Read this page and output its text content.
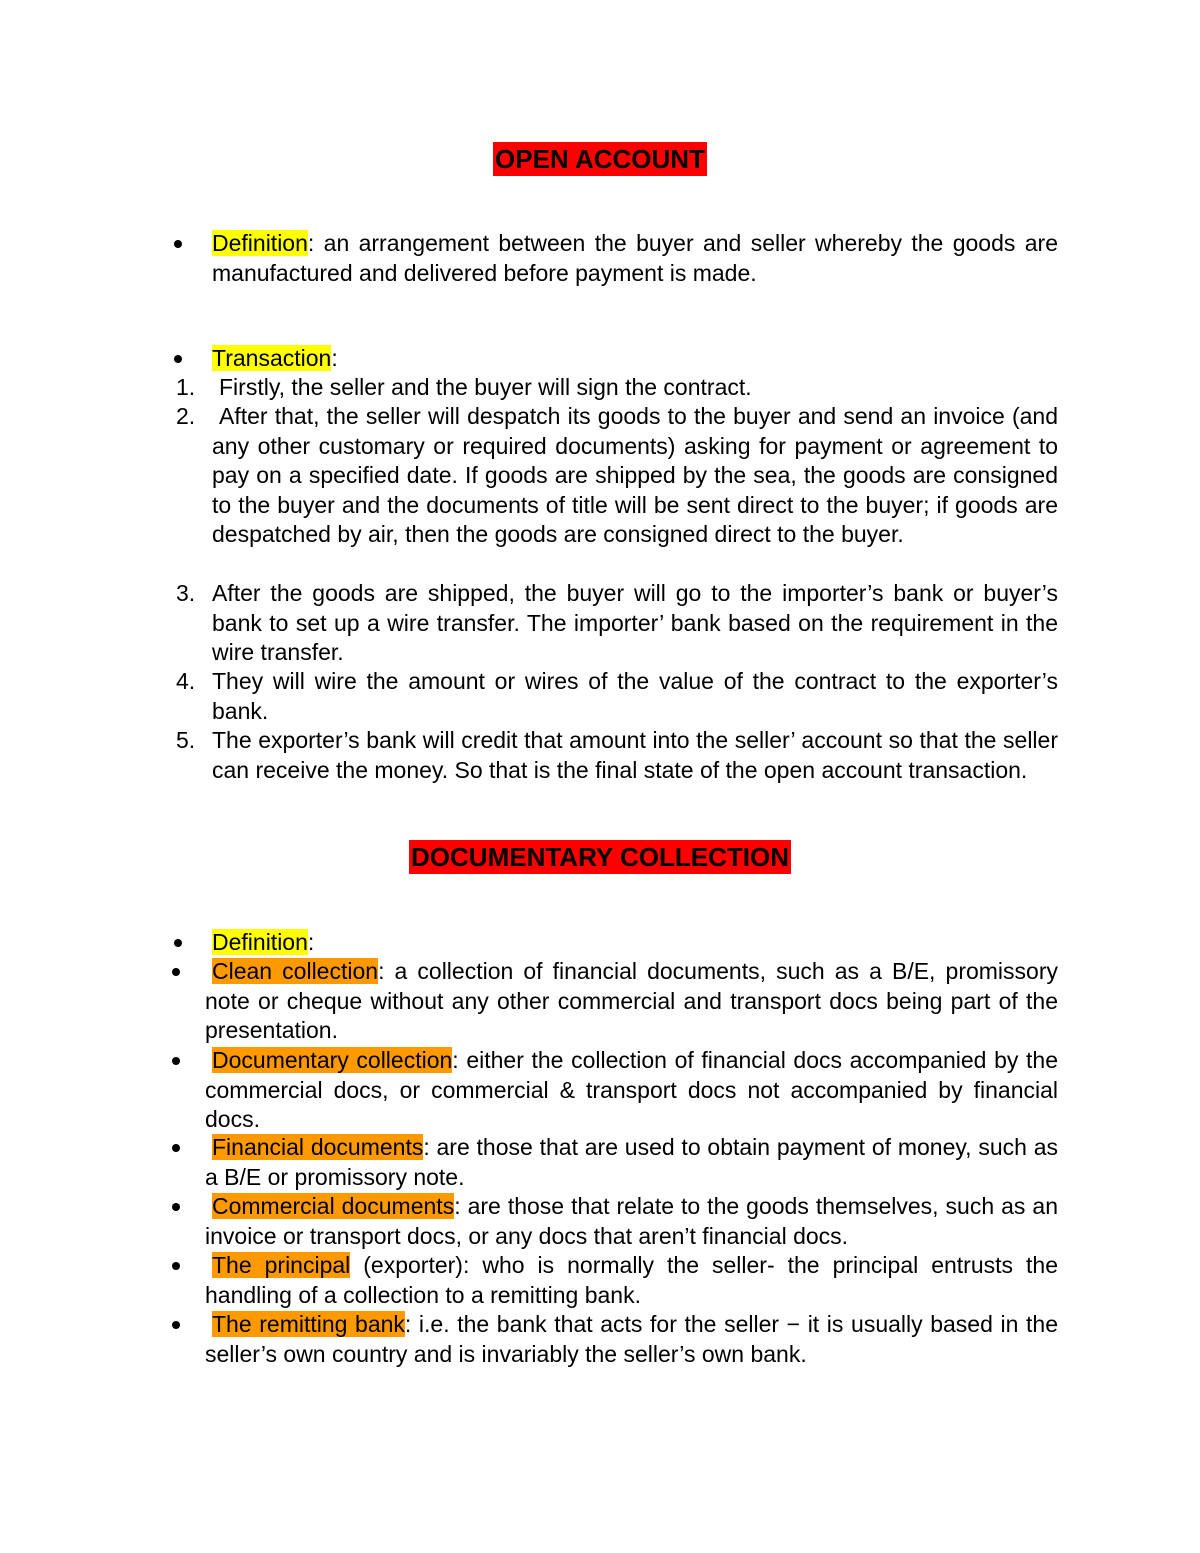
OPEN ACCOUNT
Definition: an arrangement between the buyer and seller whereby the goods are manufactured and delivered before payment is made.
Transaction:
1. Firstly, the seller and the buyer will sign the contract.
2. After that, the seller will despatch its goods to the buyer and send an invoice (and any other customary or required documents) asking for payment or agreement to pay on a specified date. If goods are shipped by the sea, the goods are consigned to the buyer and the documents of title will be sent direct to the buyer; if goods are despatched by air, then the goods are consigned direct to the buyer.
3. After the goods are shipped, the buyer will go to the importer’s bank or buyer’s bank to set up a wire transfer. The importer’ bank based on the requirement in the wire transfer.
4. They will wire the amount or wires of the value of the contract to the exporter’s bank.
5. The exporter’s bank will credit that amount into the seller’ account so that the seller can receive the money. So that is the final state of the open account transaction.
DOCUMENTARY COLLECTION
Definition:
Clean collection: a collection of financial documents, such as a B/E, promissory note or cheque without any other commercial and transport docs being part of the presentation.
Documentary collection: either the collection of financial docs accompanied by the commercial docs, or commercial & transport docs not accompanied by financial docs.
Financial documents: are those that are used to obtain payment of money, such as a B/E or promissory note.
Commercial documents: are those that relate to the goods themselves, such as an invoice or transport docs, or any docs that aren’t financial docs.
The principal (exporter): who is normally the seller- the principal entrusts the handling of a collection to a remitting bank.
The remitting bank: i.e. the bank that acts for the seller − it is usually based in the seller’s own country and is invariably the seller’s own bank.
